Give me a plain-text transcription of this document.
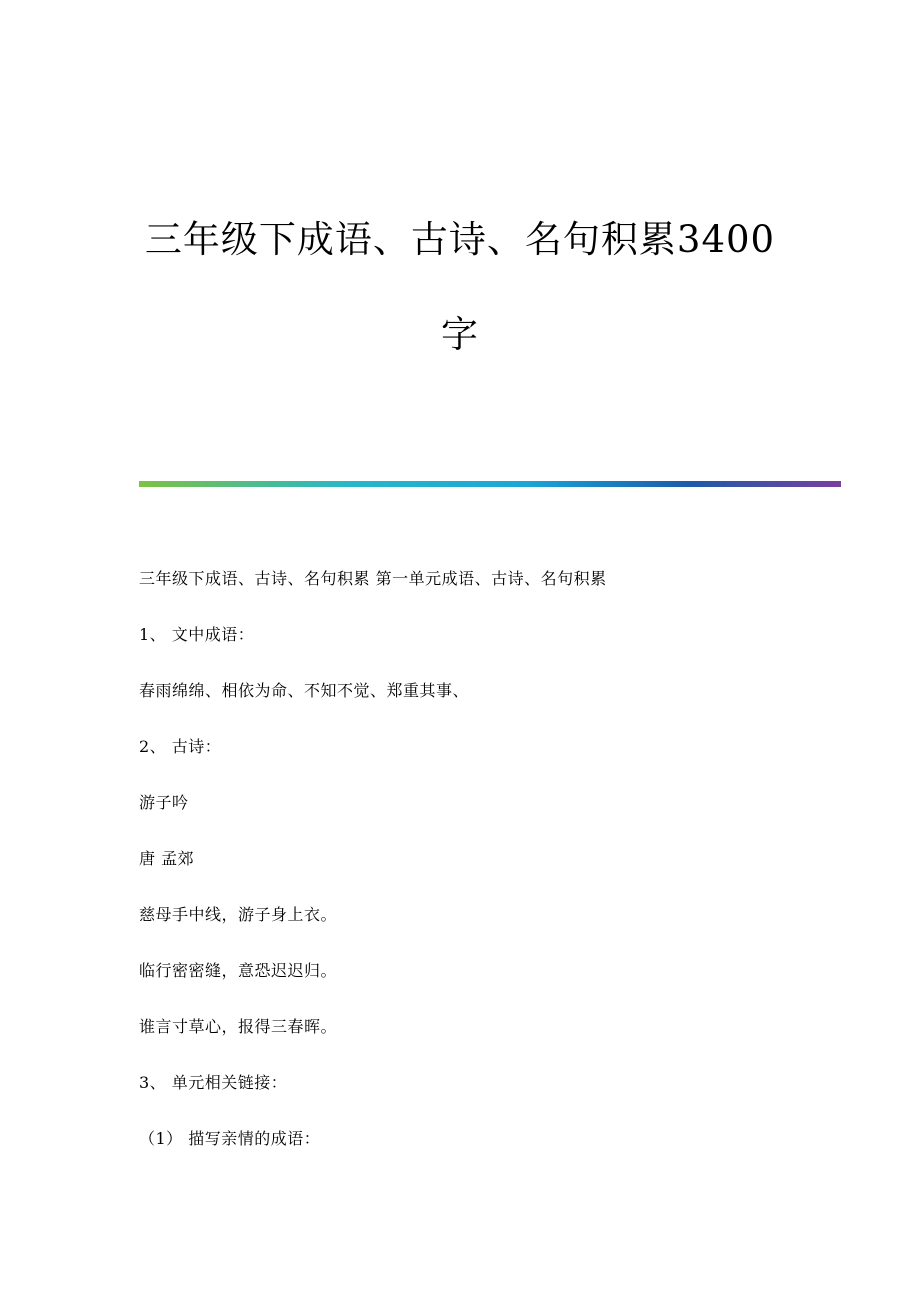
三年级下成语、古诗、名句积累3400
字
三年级下成语、古诗、名句积累 第一单元成语、古诗、名句积累
1、 文中成语：
春雨绵绵、相依为命、不知不觉、郑重其事、
2、 古诗：
游子吟
唐 孟郊
慈母手中线，游子身上衣。
临行密密缝，意恐迟迟归。
谁言寸草心，报得三春晖。
3、 单元相关链接：
（1） 描写亲情的成语：
